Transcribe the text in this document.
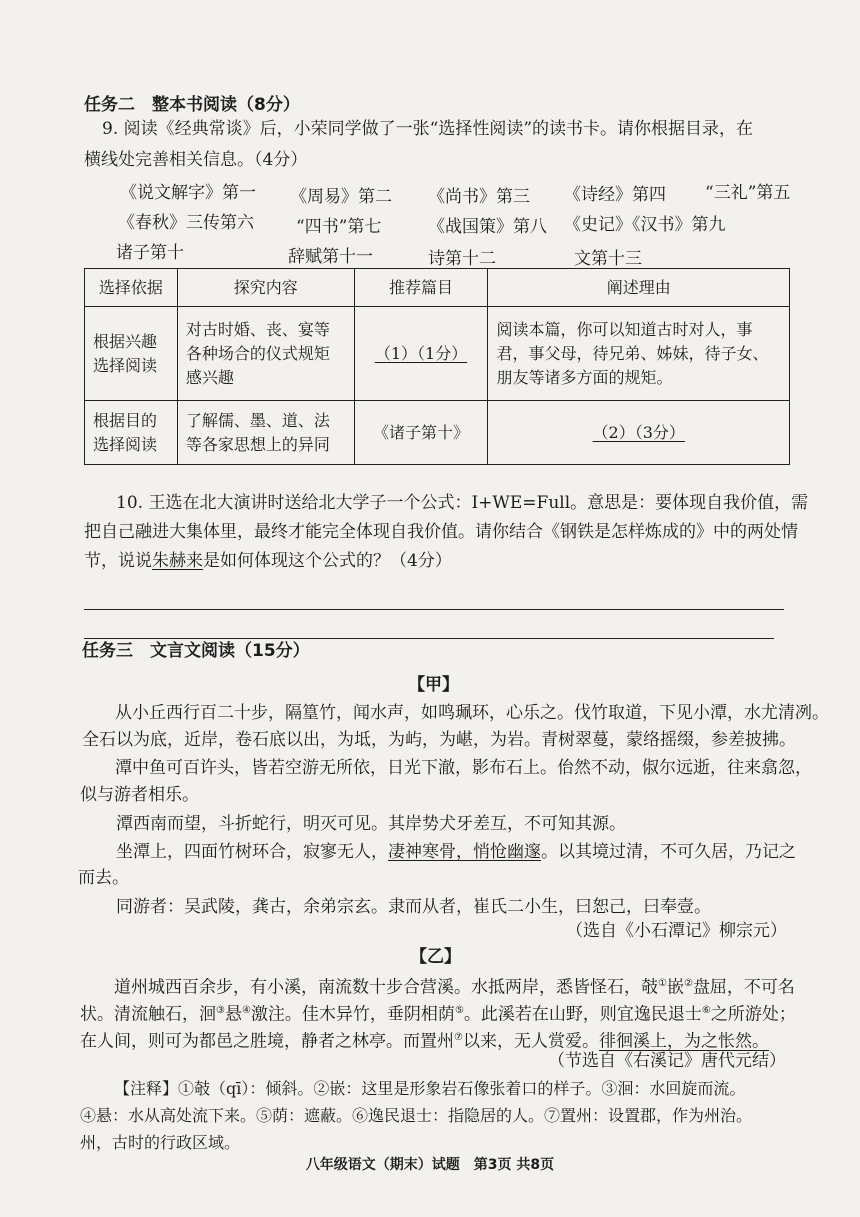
任务二　整本书阅读（8分）
9. 阅读《经典常谈》后，小荣同学做了一张“选择性阅读”的读书卡。请你根据目录，在
横线处完善相关信息。（4分）
《说文解字》第一 《周易》第二 《尚书》第三 《诗经》第四 “三礼”第五
《春秋》三传第六 “四书”第七	《战国策》第八 《史记》《汉书》第九
诸子第十	辞赋第十一	诗第十二	文第十三
选择依据	探究内容	推荐篇目	阐述理由
根据兴趣选择阅读	对古时婚、丧、宴等各种场合的仪式规矩感兴趣	（1）（1分）	阅读本篇，你可以知道古时对人，事君，事父母，待兄弟、姊妹，待子女、朋友等诸多方面的规矩。
根据目的选择阅读	了解儒、墨、道、法等各家思想上的异同	《诸子第十》	（2）（3分）
10. 王选在北大演讲时送给北大学子一个公式：I+WE=Full。意思是：要体现自我价值，需
把自己融进大集体里，最终才能完全体现自我价值。请你结合《钢铁是怎样炼成的》中的两处情
节，说说朱赫来是如何体现这个公式的？（4分）
任务三　文言文阅读（15分）
【甲】
从小丘西行百二十步，隔篁竹，闻水声，如鸣珮环，心乐之。伐竹取道，下见小潭，水尤清冽。
全石以为底，近岸，卷石底以出，为坻，为屿，为嵁，为岩。青树翠蔓，蒙络摇缀，参差披拂。
潭中鱼可百许头，皆若空游无所依，日光下澈，影布石上。佁然不动，俶尔远逝，往来翕忽，
似与游者相乐。
潭西南而望，斗折蛇行，明灭可见。其岸势犬牙差互，不可知其源。
坐潭上，四面竹树环合，寂寥无人，凄神寒骨，悄怆幽邃。以其境过清，不可久居，乃记之
而去。
同游者：吴武陵，龚古，余弟宗玄。隶而从者，崔氏二小生，曰恕己，曰奉壹。
（选自《小石潭记》柳宗元）
【乙】
道州城西百余步，有小溪，南流数十步合营溪。水抵两岸，悉皆怪石，攲①嵌②盘屈，不可名
状。清流触石，洄③悬④激注。佳木异竹，垂阴相荫⑤。此溪若在山野，则宜逸民退士⑥之所游处；
在人间，则可为都邑之胜境，静者之林亭。而置州⑦以来，无人赏爱。徘徊溪上，为之怅然。
（节选自《右溪记》唐代元结）
【注释】①攲（qī）：倾斜。②嵌：这里是形象岩石像张着口的样子。③洄：水回旋而流。
④悬：水从高处流下来。⑤荫：遮蔽。⑥逸民退士：指隐居的人。⑦置州：设置郡，作为州治。
州，古时的行政区域。
八年级语文（期末）试题　第3页 共8页
